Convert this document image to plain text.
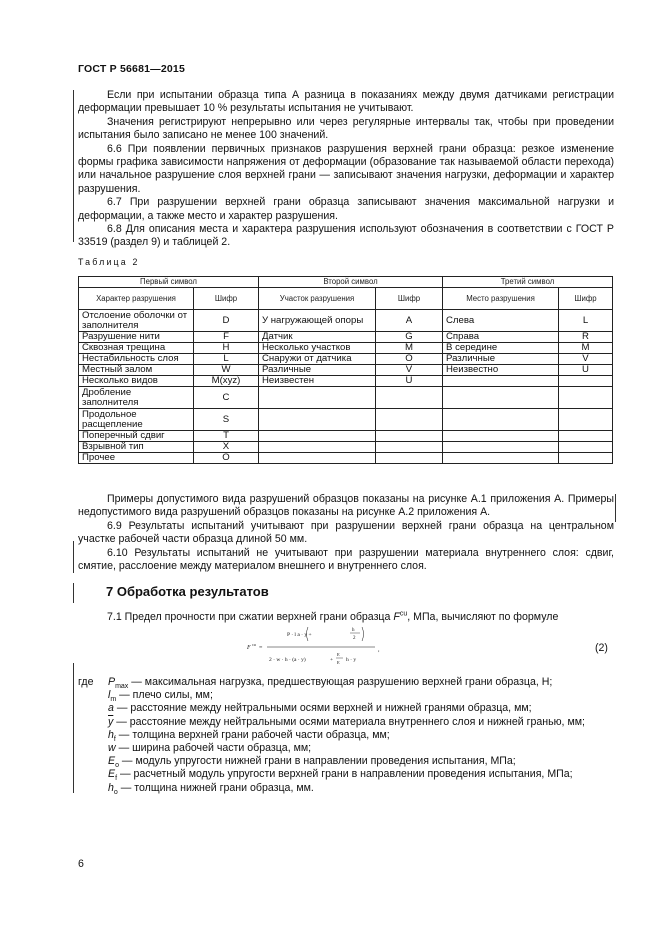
ГОСТ Р 56681—2015

Если при испытании образца типа А разница в показаниях между двумя датчиками регистрации деформации превышает 10 % результаты испытания не учитывают.

Значения регистрируют непрерывно или через регулярные интервалы так, чтобы при проведении испытания было записано не менее 100 значений.

6.6 При появлении первичных признаков разрушения верхней грани образца: резкое изменение формы графика зависимости напряжения от деформации (образование так называемой области перехода) или начальное разрушение слоя верхней грани — записывают значения нагрузки, деформации и характер разрушения.

6.7 При разрушении верхней грани образца записывают значения максимальной нагрузки и деформации, а также место и характер разрушения.

6.8 Для описания места и характера разрушения используют обозначения в соответствии с ГОСТ Р 33519 (раздел 9) и таблицей 2.

Таблица 2
Первый символ		Второй символ		Третий символ	
Характер разрушения	Шифр	Участок разрушения	Шифр	Место разрушения	Шифр
Отслоение оболочки от заполнителя	D	У нагружающей опоры	A	Слева	L
Разрушение нити	F	Датчик	G	Справа	R
Сквозная трещина	H	Несколько участков	M	В середине	M
Нестабильность слоя	L	Снаружи от датчика	O	Различные	V
Местный залом	W	Различные	V	Неизвестно	U
Несколько видов	M(xyz)	Неизвестен	U		
Дробление заполнителя	C				
Продольное расщепление	S				
Поперечный сдвиг	T				
Взрывной тип	X				
Прочее	O				

Примеры допустимого вида разрушений образцов показаны на рисунке А.1 приложения А. Примеры недопустимого вида разрушений образцов показаны на рисунке А.2 приложения А.

6.9 Результаты испытаний учитывают при разрушении верхней грани образца на центральном участке рабочей части образца длиной 50 мм.

6.10 Результаты испытаний не учитывают при разрушении материала внутреннего слоя: сдвиг, смятие, расслоение между материалом внешнего и внутреннего слоя.

7 Обработка результатов
7.1 Предел прочности при сжатии верхней грани образца $F^{cu}$, МПа, вычисляют по формуле
F
cu
=
P · l a · y +
h
2
2 · w · h · (a · y)	+
E
E h · y
,	(2)
где	$P_{max}$ — максимальная нагрузка, предшествующая разрушению верхней грани образца, Н;
$l_m$ — плечо силы, мм;
a — расстояние между нейтральными осями верхней и нижней гранями образца, мм;
$\overline{y}$ — расстояние между нейтральными осями материала внутреннего слоя и нижней гранью, мм;
$h_f$ — толщина верхней грани рабочей части образца, мм;
w — ширина рабочей части образца, мм;
$E_o$ — модуль упругости нижней грани в направлении проведения испытания, МПа;
$E_f$ — расчетный модуль упругости верхней грани в направлении проведения испытания, МПа;
$h_o$ — толщина нижней грани образца, мм.
6
